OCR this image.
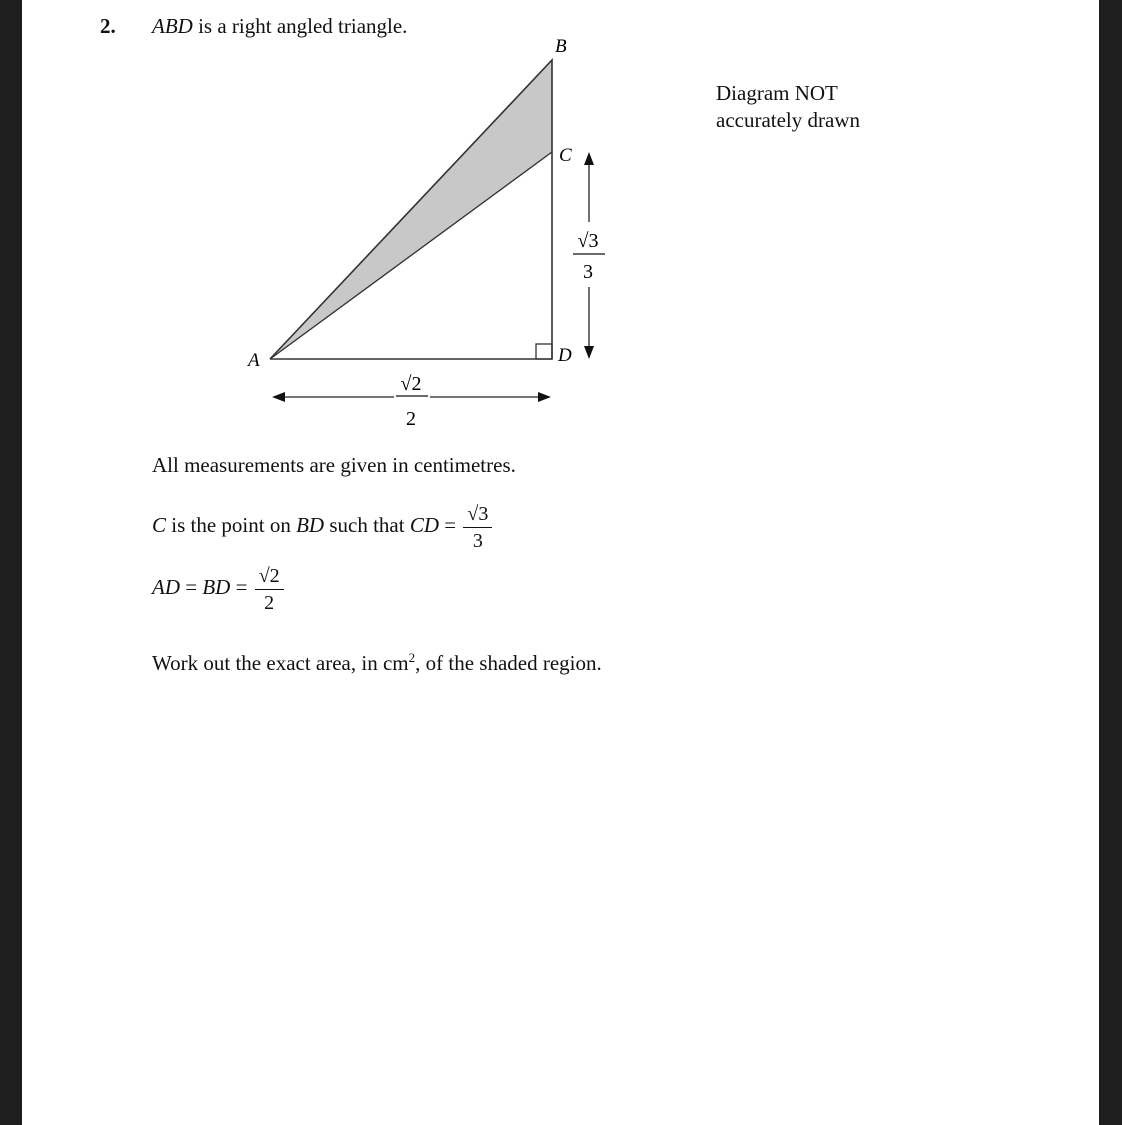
2. ABD is a right angled triangle.
A
B
C
D
√2
2
√3
3
Diagram NOT
accurately drawn
All measurements are given in centimetres.
C is the point on BD such that CD = $\frac{√3}{3}$
AD = BD = $\frac{√2}{2}$
Work out the exact area, in $cm^2$, of the shaded region.
